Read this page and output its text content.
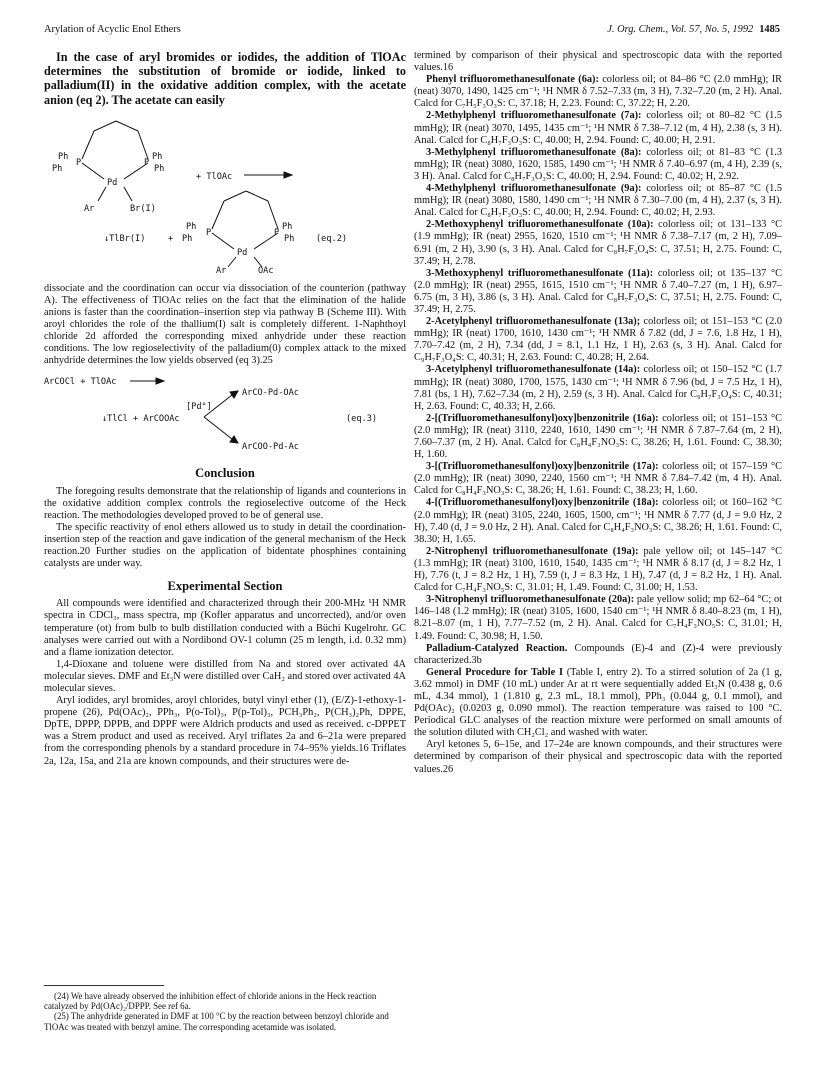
Arylation of Acyclic Enol Ethers	J. Org. Chem., Vol. 57, No. 5, 1992 1485

In the case of aryl bromides or iodides, the addition of TlOAc determines the substitution of bromide or iodide, linked to palladium(II) in the oxidative addition complex, with the acetate anion (eq 2). The acetate can easily

Ph
Ph
P	P
Ph
Ph
Pd
Ar	Br(I)
+ TlOAc
↓TlBr(I)	+
Ph
Ph
P	P
Ph
Ph
Pd
Ar	OAc
(eq.2)

dissociate and the coordination can occur via dissociation of the counterion (pathway A). The effectiveness of TlOAc relies on the fact that the elimination of the halide anions is faster than the coordination–insertion step via pathway B (Scheme III). With aroyl chlorides the role of the thallium(I) salt is completely different. 1-Naphthoyl chloride 2d afforded the corresponding mixed anhydride under these reaction conditions. The low regioselectivity of the palladium(0) complex attack to the mixed anhydride determines the low yields observed (eq 3).25

ArCOCl + TlOAc
ArCO-Pd-OAc
[Pd°]
↓TlCl + ArCOOAc	(eq.3)
ArCOO-Pd-Ac
Conclusion

The foregoing results demonstrate that the relationship of ligands and counterions in the oxidative addition complex controls the regioselective outcome of the Heck reaction. The methodologies developed proved to be of general use.

The specific reactivity of enol ethers allowed us to study in detail the coordination-insertion step of the reaction and gave indication of the general mechanism of the Heck reaction.20 Further studies on the application of bidentate phosphines containing catalysts are under way.

Experimental Section

All compounds were identified and characterized through their 200-MHz ¹H NMR spectra in CDCl₃, mass spectra, mp (Kofler apparatus and uncorrected), and/or oven temperature (ot) from bulb to bulb distillation conducted with a Büchi Kugelrohr. GC analyses were carried out with a Nordibond OV-1 column (25 m length, i.d. 0.32 mm) and a flame ionization detector.

1,4-Dioxane and toluene were distilled from Na and stored over activated 4A molecular sieves. DMF and Et₃N were distilled over CaH₂ and stored over activated 4A molecular sieves.

Aryl iodides, aryl bromides, aroyl chlorides, butyl vinyl ether (1), (E/Z)-1-ethoxy-1-propene (26), Pd(OAc)₂, PPh₃, P(o-Tol)₃, P(p-Tol)₃, PCH₃Ph₂, P(CH₃)₂Ph, DPPE, DpTE, DPPP, DPPB, and DPPF were Aldrich products and used as received. c-DPPET was a Strem product and used as received. Aryl triflates 2a and 6–21a were prepared from the corresponding phenols by a standard procedure in 74–95% yields.16 Triflates 2a, 12a, 15a, and 21a are known compounds, and their structures were de-

(24) We have already observed the inhibition effect of chloride anions in the Heck reaction catalyzed by Pd(OAc)₂/DPPP. See ref 6a.

(25) The anhydride generated in DMF at 100 °C by the reaction between benzoyl chloride and TlOAc was treated with benzyl amine. The corresponding acetamide was isolated.

termined by comparison of their physical and spectroscopic data with the reported values.16

Phenyl trifluoromethanesulfonate (6a): colorless oil; ot 84–86 °C (2.0 mmHg); IR (neat) 3070, 1490, 1425 cm⁻¹; ¹H NMR δ 7.52–7.33 (m, 3 H), 7.32–7.20 (m, 2 H). Anal. Calcd for C₇H₅F₃O₃S: C, 37.18; H, 2.23. Found: C, 37.22; H, 2.20.

2-Methylphenyl trifluoromethanesulfonate (7a): colorless oil; ot 80–82 °C (1.5 mmHg); IR (neat) 3070, 1495, 1435 cm⁻¹; ¹H NMR δ 7.38–7.12 (m, 4 H), 2.38 (s, 3 H). Anal. Calcd for C₈H₇F₃O₃S: C, 40.00; H, 2.94. Found: C, 40.00; H, 2.91.

3-Methylphenyl trifluoromethanesulfonate (8a): colorless oil; ot 81–83 °C (1.3 mmHg); IR (neat) 3080, 1620, 1585, 1490 cm⁻¹; ¹H NMR δ 7.40–6.97 (m, 4 H), 2.39 (s, 3 H). Anal. Calcd for C₈H₇F₃O₃S: C, 40.00; H, 2.94. Found: C, 40.02; H, 2.92.

4-Methylphenyl trifluoromethanesulfonate (9a): colorless oil; ot 85–87 °C (1.5 mmHg); IR (neat) 3080, 1580, 1490 cm⁻¹; ¹H NMR δ 7.30–7.00 (m, 4 H), 2.37 (s, 3 H). Anal. Calcd for C₈H₇F₃O₃S: C, 40.00; H, 2.94. Found: C, 40.02; H, 2.93.

2-Methoxyphenyl trifluoromethanesulfonate (10a): colorless oil; ot 131–133 °C (1.9 mmHg); IR (neat) 2955, 1620, 1510 cm⁻¹; ¹H NMR δ 7.38–7.17 (m, 2 H), 7.09–6.91 (m, 2 H), 3.90 (s, 3 H). Anal. Calcd for C₈H₇F₃O₄S: C, 37.51; H, 2.75. Found: C, 37.49; H, 2.78.

3-Methoxyphenyl trifluoromethanesulfonate (11a): colorless oil; ot 135–137 °C (2.0 mmHg); IR (neat) 2955, 1615, 1510 cm⁻¹; ¹H NMR δ 7.40–7.27 (m, 1 H), 6.97–6.75 (m, 3 H), 3.86 (s, 3 H). Anal. Calcd for C₈H₇F₃O₄S: C, 37.51; H, 2.75. Found: C, 37.49; H, 2.75.

2-Acetylphenyl trifluoromethanesulfonate (13a); colorless oil; ot 151–153 °C (2.0 mmHg); IR (neat) 1700, 1610, 1430 cm⁻¹; ¹H NMR δ 7.82 (dd, J = 7.6, 1.8 Hz, 1 H), 7.70–7.42 (m, 2 H), 7.34 (dd, J = 8.1, 1.1 Hz, 1 H), 2.63 (s, 3 H). Anal. Calcd for C₉H₇F₃O₄S: C, 40.31; H, 2.63. Found: C, 40.28; H, 2.64.

3-Acetylphenyl trifluoromethanesulfonate (14a): colorless oil; ot 150–152 °C (1.7 mmHg); IR (neat) 3080, 1700, 1575, 1430 cm⁻¹; ¹H NMR δ 7.96 (bd, J = 7.5 Hz, 1 H), 7.81 (bs, 1 H), 7.62–7.34 (m, 2 H), 2.59 (s, 3 H). Anal. Calcd for C₉H₇F₃O₄S: C, 40.31; H, 2.63. Found: C, 40.33; H, 2.66.

2-[(Trifluoromethanesulfonyl)oxy]benzonitrile (16a): colorless oil; ot 151–153 °C (2.0 mmHg); IR (neat) 3110, 2240, 1610, 1490 cm⁻¹; ¹H NMR δ 7.87–7.64 (m, 2 H), 7.60–7.37 (m, 2 H). Anal. Calcd for C₈H₄F₃NO₃S: C, 38.26; H, 1.61. Found: C, 38.30; H, 1.60.

3-[(Trifluoromethanesulfonyl)oxy]benzonitrile (17a): colorless oil; ot 157–159 °C (2.0 mmHg); IR (neat) 3090, 2240, 1560 cm⁻¹; ¹H NMR δ 7.84–7.42 (m, 4 H). Anal. Calcd for C₈H₄F₃NO₃S: C, 38.26; H, 1.61. Found: C, 38.23; H, 1.60.

4-[(Trifluoromethanesulfonyl)oxy]benzonitrile (18a): colorless oil; ot 160–162 °C (2.0 mmHg); IR (neat) 3105, 2240, 1605, 1500, cm⁻¹; ¹H NMR δ 7.77 (d, J = 9.0 Hz, 2 H), 7.40 (d, J = 9.0 Hz, 2 H). Anal. Calcd for C₈H₄F₃NO₃S: C, 38.26; H, 1.61. Found: C, 38.30; H, 1.65.

2-Nitrophenyl trifluoromethanesulfonate (19a): pale yellow oil; ot 145–147 °C (1.3 mmHg); IR (neat) 3100, 1610, 1540, 1435 cm⁻¹; ¹H NMR δ 8.17 (d, J = 8.2 Hz, 1 H), 7.76 (t, J = 8.2 Hz, 1 H), 7.59 (t, J = 8.3 Hz, 1 H), 7.47 (d, J = 8.2 Hz, 1 H). Anal. Calcd for C₇H₄F₃NO₅S: C, 31.01; H, 1.49. Found: C, 31.00; H, 1.53.

3-Nitrophenyl trifluoromethanesulfonate (20a): pale yellow solid; mp 62–64 °C; ot 146–148 (1.2 mmHg); IR (neat) 3105, 1600, 1540 cm⁻¹; ¹H NMR δ 8.40–8.23 (m, 1 H), 8.21–8.07 (m, 1 H), 7.77–7.52 (m, 2 H). Anal. Calcd for C₇H₄F₃NO₅S: C, 31.01; H, 1.49. Found: C, 30.98; H, 1.50.

Palladium-Catalyzed Reaction. Compounds (E)-4 and (Z)-4 were previously characterized.3b

General Procedure for Table I (Table I, entry 2). To a stirred solution of 2a (1 g, 3.62 mmol) in DMF (10 mL) under Ar at rt were sequentially added Et₃N (0.438 g, 0.6 mL, 4.34 mmol), 1 (1.810 g, 2.3 mL, 18.1 mmol), PPh₃ (0.044 g, 0.1 mmol), and Pd(OAc)₂ (0.0203 g, 0.090 mmol). The reaction temperature was raised to 100 °C. Periodical GLC analyses of the reaction mixture were performed on small amounts of the solution diluted with CH₂Cl₂ and washed with water.

Aryl ketones 5, 6–15e, and 17–24e are known compounds, and their structures were determined by comparison of their physical and spectroscopic data with the reported values.26
